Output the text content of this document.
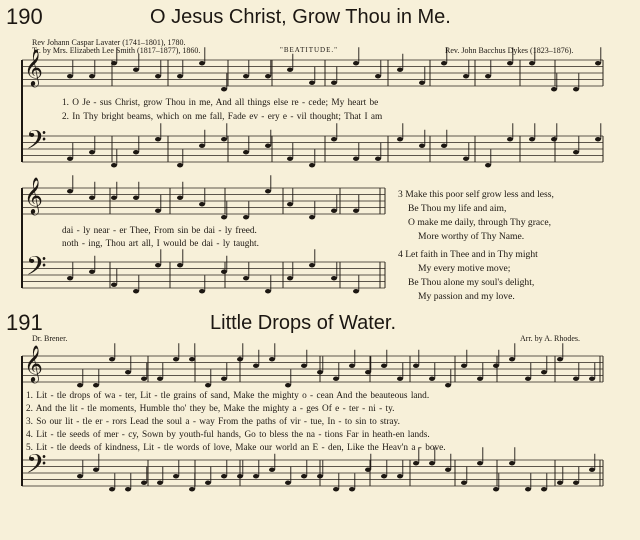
190	O Jesus Christ, Grow Thou in Me.
Rev Johann Caspar Lavater (1741–1801), 1780.
Tr. by Mrs. Elizabeth Lee Smith (1817–1877), 1860.	"BEATITUDE."	Rev. John Bacchus Dykes (1823–1876).
1. O Je - sus Christ, grow Thou in me, And all things else re - cede; My heart be
2. In Thy bright beams, which on me fall, Fade ev - ery e - vil thought; That I am
dai - ly near - er Thee, From sin be dai - ly freed.
noth - ing, Thou art all, I would be dai - ly taught.
3 Make this poor self grow less and less,
Be Thou my life and aim,
O make me daily, through Thy grace,
More worthy of Thy Name.
4 Let faith in Thee and in Thy might
My every motive move;
Be Thou alone my soul's delight,
My passion and my love.
191	Little Drops of Water.
Dr. Brener.	Arr. by A. Rhodes.
1. Lit - tle drops of wa - ter, Lit - tle grains of sand, Make the mighty o - cean And the beauteous land.
2. And the lit - tle moments, Humble tho' they be, Make the mighty a - ges Of e - ter - ni - ty.
3. So our lit - tle er - rors Lead the soul a - way From the paths of vir - tue, In - to sin to stray.
4. Lit - tle seeds of mer - cy, Sown by youth-ful hands, Go to bless the na - tions Far in heath-en lands.
5. Lit - tle deeds of kindness, Lit - tle words of love, Make our world an E - den, Like the Heav'n a - bove.
𝄞
𝄢
𝄞
𝄢
𝄞
𝄢
